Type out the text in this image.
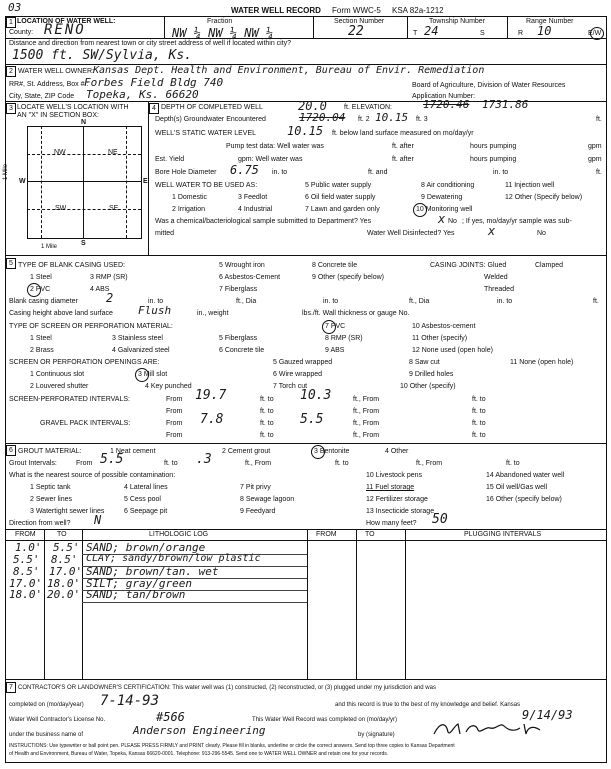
03	WATER WELL RECORD Form WWC-5 KSA 82a-1212
1 LOCATION OF WATER WELL:
County: RENO
Fraction
NW ¼ NW ¼ NW ¼
Section Number
22
Township Number
T 24	S
Range Number
R 10	E/W
Distance and direction from nearest town or city street address of well if located within city?
1500 ft. SW/Sylvia, Ks.
2 WATER WELL OWNER: Kansas Dept. Health and Environment, Bureau of Envir. Remediation
RR#, St. Address, Box # :
Forbes Field Bldg 740
City, State, ZIP Code Topeka, Ks. 66620
Board of Agriculture, Division of Water Resources
Application Number:
3 LOCATE WELL'S LOCATION WITH
AN "X" IN SECTION BOX:
N
NW	NE
SW	SE
W	E
S
1 Mile
1 Mile
4 DEPTH OF COMPLETED WELL	20.0 ft. ELEVATION:	1720.46 1731.86
Depth(s) Groundwater Encountered	1720.04 ft. 2 10.15 ft. 3	ft.
WELL'S STATIC WATER LEVEL	10.15 ft. below land surface measured on mo/day/yr
Pump test data: Well water was	ft. after	hours pumping	gpm
Est. Yield	gpm: Well water was	ft. after	hours pumping	gpm
Bore Hole Diameter 6.75 in. to	ft. and	in. to	ft.
WELL WATER TO BE USED AS:	5 Public water supply	8 Air conditioning	11 Injection well
1 Domestic	3 Feedlot	6 Oil field water supply	9 Dewatering	12 Other (Specify below)
2 Irrigation	4 Industrial	7 Lawn and garden only	10 Monitoring well
Was a chemical/bacteriological sample submitted to Department? Yes	No
x ; If yes, mo/day/yr sample was sub-
mitted	Water Well Disinfected? Yes	x	No
5 TYPE OF BLANK CASING USED:	5 Wrought iron	8 Concrete tile
1 Steel	3 RMP (SR)	6 Asbestos-Cement	9 Other (specify below)
2 PVC	4 ABS	7 Fiberglass
CASING JOINTS: Glued	Clamped
Welded
Threaded
Blank casing diameter 2	in. to	ft., Dia	in. to	ft., Dia	in. to	ft.
Casing height above land surface Flush	in., weight	lbs./ft. Wall thickness or gauge No.
TYPE OF SCREEN OR PERFORATION MATERIAL:	7 PVC	10 Asbestos-cement
1 Steel	3 Stainless steel	5 Fiberglass	8 RMP (SR)	11 Other (specify)
2 Brass	4 Galvanized steel	6 Concrete tile	9 ABS	12 None used (open hole)
SCREEN OR PERFORATION OPENINGS ARE:	5 Gauzed wrapped	8 Saw cut	11 None (open hole)
1 Continuous slot	3 Mill slot	6 Wire wrapped	9 Drilled holes
2 Louvered shutter	4 Key punched	7 Torch cut	10 Other (specify)
SCREEN-PERFORATED INTERVALS:	From 19.7	ft. to 10.3	ft., From	ft. to
From	ft. to	ft., From	ft. to
GRAVEL PACK INTERVALS:	From 7.8	ft. to 5.5	ft., From	ft. to
From	ft. to	ft., From	ft. to
6 GROUT MATERIAL:	1 Neat cement	2 Cement grout	3 Bentonite	4 Other
Grout Intervals:	From 5.5	ft. to .3	ft., From	ft. to	ft., From	ft. to
What is the nearest source of possible contamination:	10 Livestock pens	14 Abandoned water well
1 Septic tank	4 Lateral lines	7 Pit privy	11 Fuel storage	15 Oil well/Gas well
2 Sewer lines	5 Cess pool	8 Sewage lagoon	12 Fertilizer storage	16 Other (specify below)
3 Watertight sewer lines	6 Seepage pit	9 Feedyard	13 Insecticide storage
Direction from well? N	How many feet? 50
FROM	TO	LITHOLOGIC LOG	FROM	TO	PLUGGING INTERVALS
1.0' 5.5' SAND; brown/orange
5.5' 8.5' CLAY; sandy/brown/low plastic
8.5' 17.0' SAND; brown/tan. wet
17.0' 18.0' SILT; gray/green
18.0' 20.0' SAND; tan/brown
7 CONTRACTOR'S OR LANDOWNER'S CERTIFICATION: This water well was (1) constructed, (2) reconstructed, or (3) plugged under my jurisdiction and was
completed on (mo/day/year) 7-14-93	and this record is true to the best of my knowledge and belief. Kansas
Water Well Contractor's License No.	#566	This Water Well Record was completed on (mo/day/yr)	9/14/93
under the business name of	Anderson Engineering	by (signature)
INSTRUCTIONS: Use typewriter or ball point pen. PLEASE PRESS FIRMLY and PRINT clearly. Please fill in blanks, underline or circle the correct answers. Send top three copies to Kansas Department
of Health and Environment, Bureau of Water, Topeka, Kansas 66620-0001. Telephone: 913-296-5545. Send one to WATER WELL OWNER and retain one for your records.
